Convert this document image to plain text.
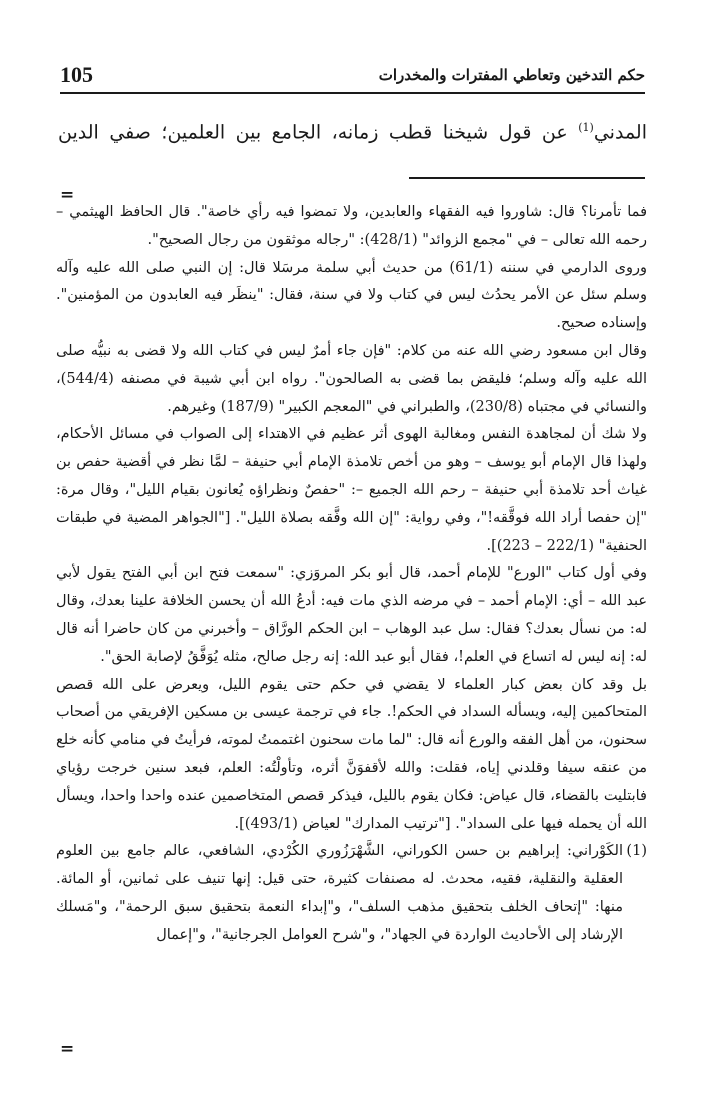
105	حكم التدخين وتعاطي المفترات والمخدرات
المدني$^{(1)}$ عن قول شيخنا قطب زمانه، الجامع بين العلمين؛ صفي الدين
=

فما تأمرنا؟ قال: شاوروا فيه الفقهاء والعابدين، ولا تمضوا فيه رأي خاصة". قال الحافظ الهيثمي – رحمه الله تعالى – في "مجمع الزوائد" (428/1): "رجاله موثقون من رجال الصحيح".

وروى الدارمي في سننه (61/1) من حديث أبي سلمة مرسَلا قال: إن النبي صلى الله عليه وآله وسلم سئل عن الأمر يحدُث ليس في كتاب ولا في سنة، فقال: "ينظَر فيه العابدون من المؤمنين". وإسناده صحيح.

وقال ابن مسعود رضي الله عنه من كلام: "فإن جاء أمرٌ ليس في كتاب الله ولا قضى به نبيُّه صلى الله عليه وآله وسلم؛ فليقض بما قضى به الصالحون". رواه ابن أبي شيبة في مصنفه (544/4)، والنسائي في مجتباه (230/8)، والطبراني في "المعجم الكبير" (187/9) وغيرهم.

ولا شك أن لمجاهدة النفس ومغالبة الهوى أثر عظيم في الاهتداء إلى الصواب في مسائل الأحكام، ولهذا قال الإمام أبو يوسف – وهو من أخص تلامذة الإمام أبي حنيفة – لمَّا نظر في أقضية حفص بن غياث أحد تلامذة أبي حنيفة – رحم الله الجميع –: "حفصٌ ونظراؤه يُعانون بقيام الليل"، وقال مرة: "إن حفصا أراد الله فوقَّقه!"، وفي رواية: "إن الله وفَّقه بصلاة الليل". ["الجواهر المضية في طبقات الحنفية" (222/1 – 223)].

وفي أول كتاب "الورع" للإمام أحمد، قال أبو بكر المروَزي: "سمعت فتح ابن أبي الفتح يقول لأبي عبد الله – أي: الإمام أحمد – في مرضه الذي مات فيه: أدعُ الله أن يحسن الخلافة علينا بعدك، وقال له: من نسأل بعدك؟ فقال: سل عبد الوهاب – ابن الحكم الورَّاق – وأخبرني من كان حاضرا أنه قال له: إنه ليس له اتساع في العلم!، فقال أبو عبد الله: إنه رجل صالح، مثله يُوَفَّقُ لإصابة الحق".

بل وقد كان بعض كبار العلماء لا يقضي في حكم حتى يقوم الليل، ويعرض على الله قصص المتحاكمين إليه، ويسأله السداد في الحكم!. جاء في ترجمة عيسى بن مسكين الإفريقي من أصحاب سحنون، من أهل الفقه والورع أنه قال: "لما مات سحنون اغتممتُ لموته، فرأيتُ في منامي كأنه خلع من عنقه سيفا وقلدني إياه، فقلت: والله لأقفوَنَّ أثره، وتأولْتُه: العلم، فبعد سنين خرجت رؤياي فابتليت بالقضاء، قال عياض: فكان يقوم بالليل، فيذكر قصص المتخاصمين عنده واحدا واحدا، ويسأل الله أن يحمله فيها على السداد". ["ترتيب المدارك" لعياض (493/1)].

(1)
الكَوْراني: إبراهيم بن حسن الكوراني، الشَّهْرَزُوري الكُرْدي، الشافعي، عالم جامع بين العلوم العقلية والنقلية، فقيه، محدث. له مصنفات كثيرة، حتى قيل: إنها تنيف على ثمانين، أو المائة. منها: "إتحاف الخلف بتحقيق مذهب السلف"، و"إبداء النعمة بتحقيق سبق الرحمة"، و"مَسلك الإرشاد إلى الأحاديث الواردة في الجهاد"، و"شرح العوامل الجرجانية"، و"إعمال

=
